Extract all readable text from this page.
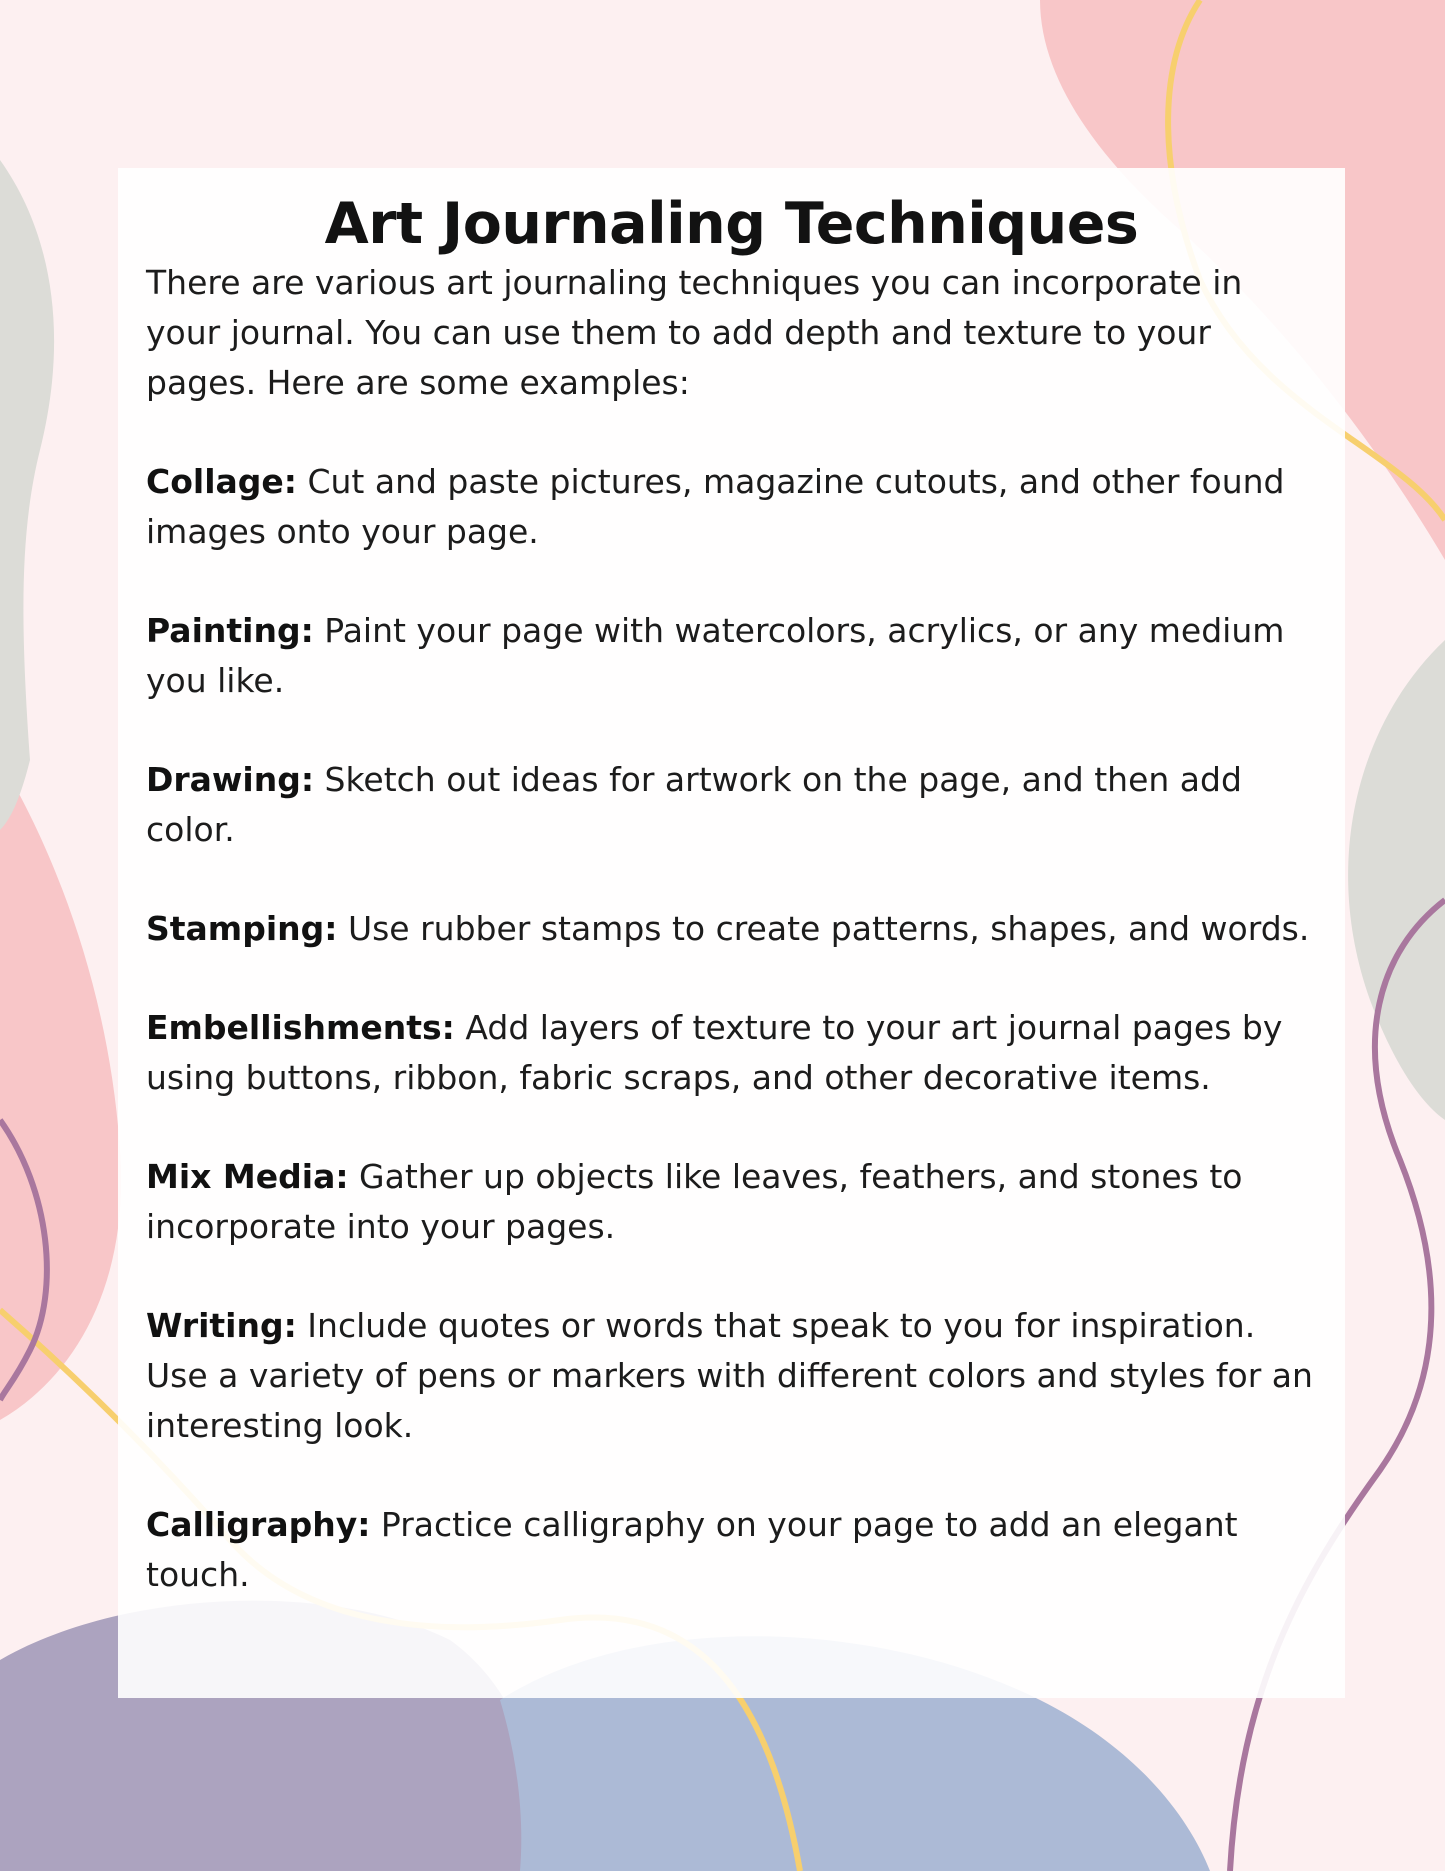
Art Journaling Techniques

There are various art journaling techniques you can incorporate in your journal. You can use them to add depth and texture to your pages. Here are some examples:

Collage: Cut and paste pictures, magazine cutouts, and other found images onto your page.

Painting: Paint your page with watercolors, acrylics, or any medium you like.

Drawing: Sketch out ideas for artwork on the page, and then add color.

Stamping: Use rubber stamps to create patterns, shapes, and words.

Embellishments: Add layers of texture to your art journal pages by using buttons, ribbon, fabric scraps, and other decorative items.

Mix Media: Gather up objects like leaves, feathers, and stones to incorporate into your pages.

Writing: Include quotes or words that speak to you for inspiration. Use a variety of pens or markers with different colors and styles for an interesting look.

Calligraphy: Practice calligraphy on your page to add an elegant touch.
